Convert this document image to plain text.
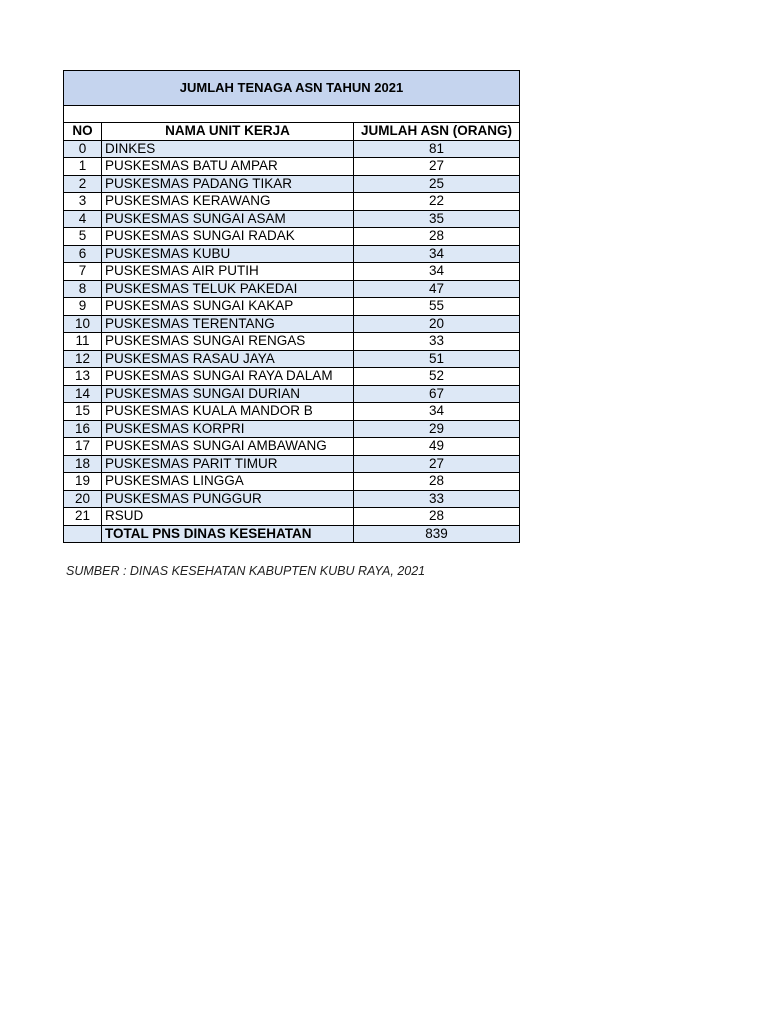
JUMLAH TENAGA ASN TAHUN 2021		

NO	NAMA UNIT KERJA	JUMLAH ASN (ORANG)
0	DINKES	81
1	PUSKESMAS BATU AMPAR	27
2	PUSKESMAS PADANG TIKAR	25
3	PUSKESMAS KERAWANG	22
4	PUSKESMAS SUNGAI ASAM	35
5	PUSKESMAS SUNGAI RADAK	28
6	PUSKESMAS KUBU	34
7	PUSKESMAS AIR PUTIH	34
8	PUSKESMAS TELUK PAKEDAI	47
9	PUSKESMAS SUNGAI KAKAP	55
10	PUSKESMAS TERENTANG	20
11	PUSKESMAS SUNGAI RENGAS	33
12	PUSKESMAS RASAU JAYA	51
13	PUSKESMAS SUNGAI RAYA DALAM	52
14	PUSKESMAS SUNGAI DURIAN	67
15	PUSKESMAS KUALA MANDOR B	34
16	PUSKESMAS KORPRI	29
17	PUSKESMAS SUNGAI AMBAWANG	49
18	PUSKESMAS PARIT TIMUR	27
19	PUSKESMAS LINGGA	28
20	PUSKESMAS PUNGGUR	33
21	RSUD	28
	TOTAL PNS DINAS KESEHATAN	839
SUMBER : DINAS KESEHATAN KABUPTEN KUBU RAYA, 2021
